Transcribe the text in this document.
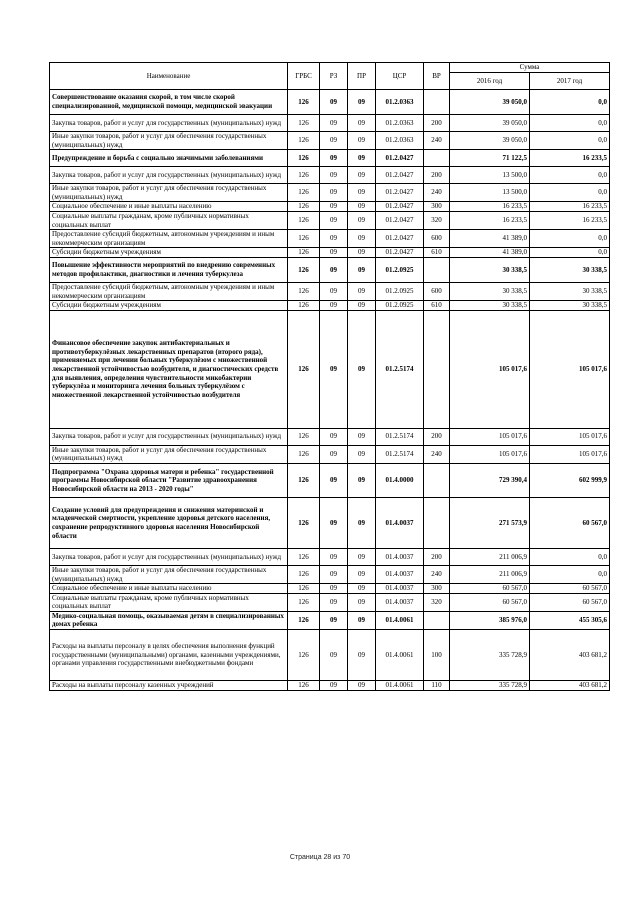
Наименование	ГРБС	РЗ	ПР	ЦСР	ВР	Сумма	
						2016 год	2017 год
Совершенствование оказания скорой, в том числе скорой специализированной, медицинской помощи, медицинской эвакуации	126	09	09	01.2.0363		39 050,0	0,0
Закупка товаров, работ и услуг для государственных (муниципальных) нужд	126	09	09	01.2.0363	200	39 050,0	0,0
Иные закупки товаров, работ и услуг для обеспечения государственных (муниципальных) нужд	126	09	09	01.2.0363	240	39 050,0	0,0
Предупреждение и борьба с социально значимыми заболеваниями	126	09	09	01.2.0427		71 122,5	16 233,5
Закупка товаров, работ и услуг для государственных (муниципальных) нужд	126	09	09	01.2.0427	200	13 500,0	0,0
Иные закупки товаров, работ и услуг для обеспечения государственных (муниципальных) нужд	126	09	09	01.2.0427	240	13 500,0	0,0
Социальное обеспечение и иные выплаты населению	126	09	09	01.2.0427	300	16 233,5	16 233,5
Социальные выплаты гражданам, кроме публичных нормативных социальных выплат	126	09	09	01.2.0427	320	16 233,5	16 233,5
Предоставление субсидий бюджетным, автономным учреждениям и иным некоммерческим организациям	126	09	09	01.2.0427	600	41 389,0	0,0
Субсидии бюджетным учреждениям	126	09	09	01.2.0427	610	41 389,0	0,0
Повышение эффективности мероприятий по внедрению современных методов профилактики, диагностики и лечения туберкулеза	126	09	09	01.2.0925		30 338,5	30 338,5
Предоставление субсидий бюджетным, автономным учреждениям и иным некоммерческим организациям	126	09	09	01.2.0925	600	30 338,5	30 338,5
Субсидии бюджетным учреждениям	126	09	09	01.2.0925	610	30 338,5	30 338,5
Финансовое обеспечение закупок антибактериальных и противотуберкулёзных лекарственных препаратов (второго ряда), применяемых при лечении больных туберкулёзом с множественной лекарственной устойчивостью возбудителя, и диагностических средств для выявления, определения чувствительности микобактерии туберкулёза и мониторинга лечения больных туберкулёзом с множественной лекарственной устойчивостью возбудителя	126	09	09	01.2.5174		105 017,6	105 017,6
Закупка товаров, работ и услуг для государственных (муниципальных) нужд	126	09	09	01.2.5174	200	105 017,6	105 017,6
Иные закупки товаров, работ и услуг для обеспечения государственных (муниципальных) нужд	126	09	09	01.2.5174	240	105 017,6	105 017,6
Подпрограмма "Охрана здоровья матери и ребенка" государственной программы Новосибирской области "Развитие здравоохранения Новосибирской области на 2013 - 2020 годы"	126	09	09	01.4.0000		729 390,4	602 999,9
Создание условий для предупреждения и снижения материнской и младенческой смертности, укрепление здоровья детского населения, сохранение репродуктивного здоровья населения Новосибирской области	126	09	09	01.4.0037		271 573,9	60 567,0
Закупка товаров, работ и услуг для государственных (муниципальных) нужд	126	09	09	01.4.0037	200	211 006,9	0,0
Иные закупки товаров, работ и услуг для обеспечения государственных (муниципальных) нужд	126	09	09	01.4.0037	240	211 006,9	0,0
Социальное обеспечение и иные выплаты населению	126	09	09	01.4.0037	300	60 567,0	60 567,0
Социальные выплаты гражданам, кроме публичных нормативных социальных выплат	126	09	09	01.4.0037	320	60 567,0	60 567,0
Медико-социальная помощь, оказываемая детям в специализированных домах ребенка	126	09	09	01.4.0061		385 976,0	455 305,6
Расходы на выплаты персоналу в целях обеспечения выполнения функций государственными (муниципальными) органами, казенными учреждениями, органами управления государственными внебюджетными фондами	126	09	09	01.4.0061	100	335 728,9	403 681,2
Расходы на выплаты персоналу казенных учреждений	126	09	09	01.4.0061	110	335 728,9	403 681,2
Страница 28 из 70
